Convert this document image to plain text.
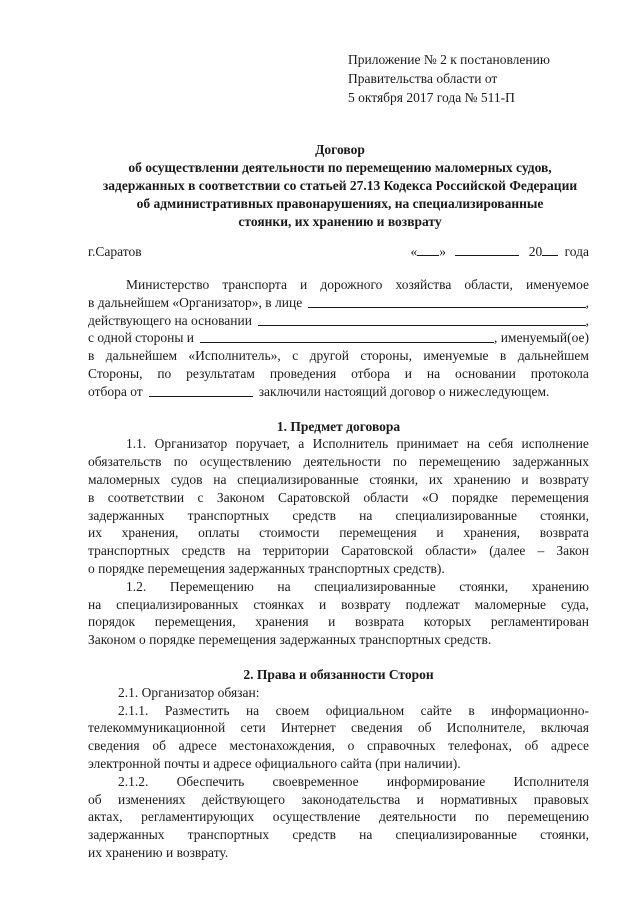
Приложение № 2 к постановлению
Правительства области от
5 октября 2017 года № 511-П
Договор
об осуществлении деятельности по перемещению маломерных судов,
задержанных в соответствии со статьей 27.13 Кодекса Российской Федерации
об административных правонарушениях, на специализированные
стоянки, их хранению и возврату
г.Саратов	« »	20 года
Министерство транспорта и дорожного хозяйства области, именуемое
в дальнейшем «Организатор», в лице	,
действующего на основании	,
с одной стороны и	, именуемый(ое)
в дальнейшем «Исполнитель», с другой стороны, именуемые в дальнейшем
Стороны, по результатам проведения отбора и на основании протокола
отбора от	заключили настоящий договор о нижеследующем.
1. Предмет договора
1.1. Организатор поручает, а Исполнитель принимает на себя исполнение
обязательств по осуществлению деятельности по перемещению задержанных
маломерных судов на специализированные стоянки, их хранению и возврату
в соответствии с Законом Саратовской области «О порядке перемещения
задержанных транспортных средств на специализированные стоянки,
их хранения, оплаты стоимости перемещения и хранения, возврата
транспортных средств на территории Саратовской области» (далее – Закон
о порядке перемещения задержанных транспортных средств).
1.2. Перемещению на специализированные стоянки, хранению
на специализированных стоянках и возврату подлежат маломерные суда,
порядок перемещения, хранения и возврата которых регламентирован
Законом о порядке перемещения задержанных транспортных средств.
2. Права и обязанности Сторон
2.1. Организатор обязан:
2.1.1. Разместить на своем официальном сайте в информационно-
телекоммуникационной сети Интернет сведения об Исполнителе, включая
сведения об адресе местонахождения, о справочных телефонах, об адресе
электронной почты и адресе официального сайта (при наличии).
2.1.2. Обеспечить своевременное информирование Исполнителя
об изменениях действующего законодательства и нормативных правовых
актах, регламентирующих осуществление деятельности по перемещению
задержанных транспортных средств на специализированные стоянки,
их хранению и возврату.
